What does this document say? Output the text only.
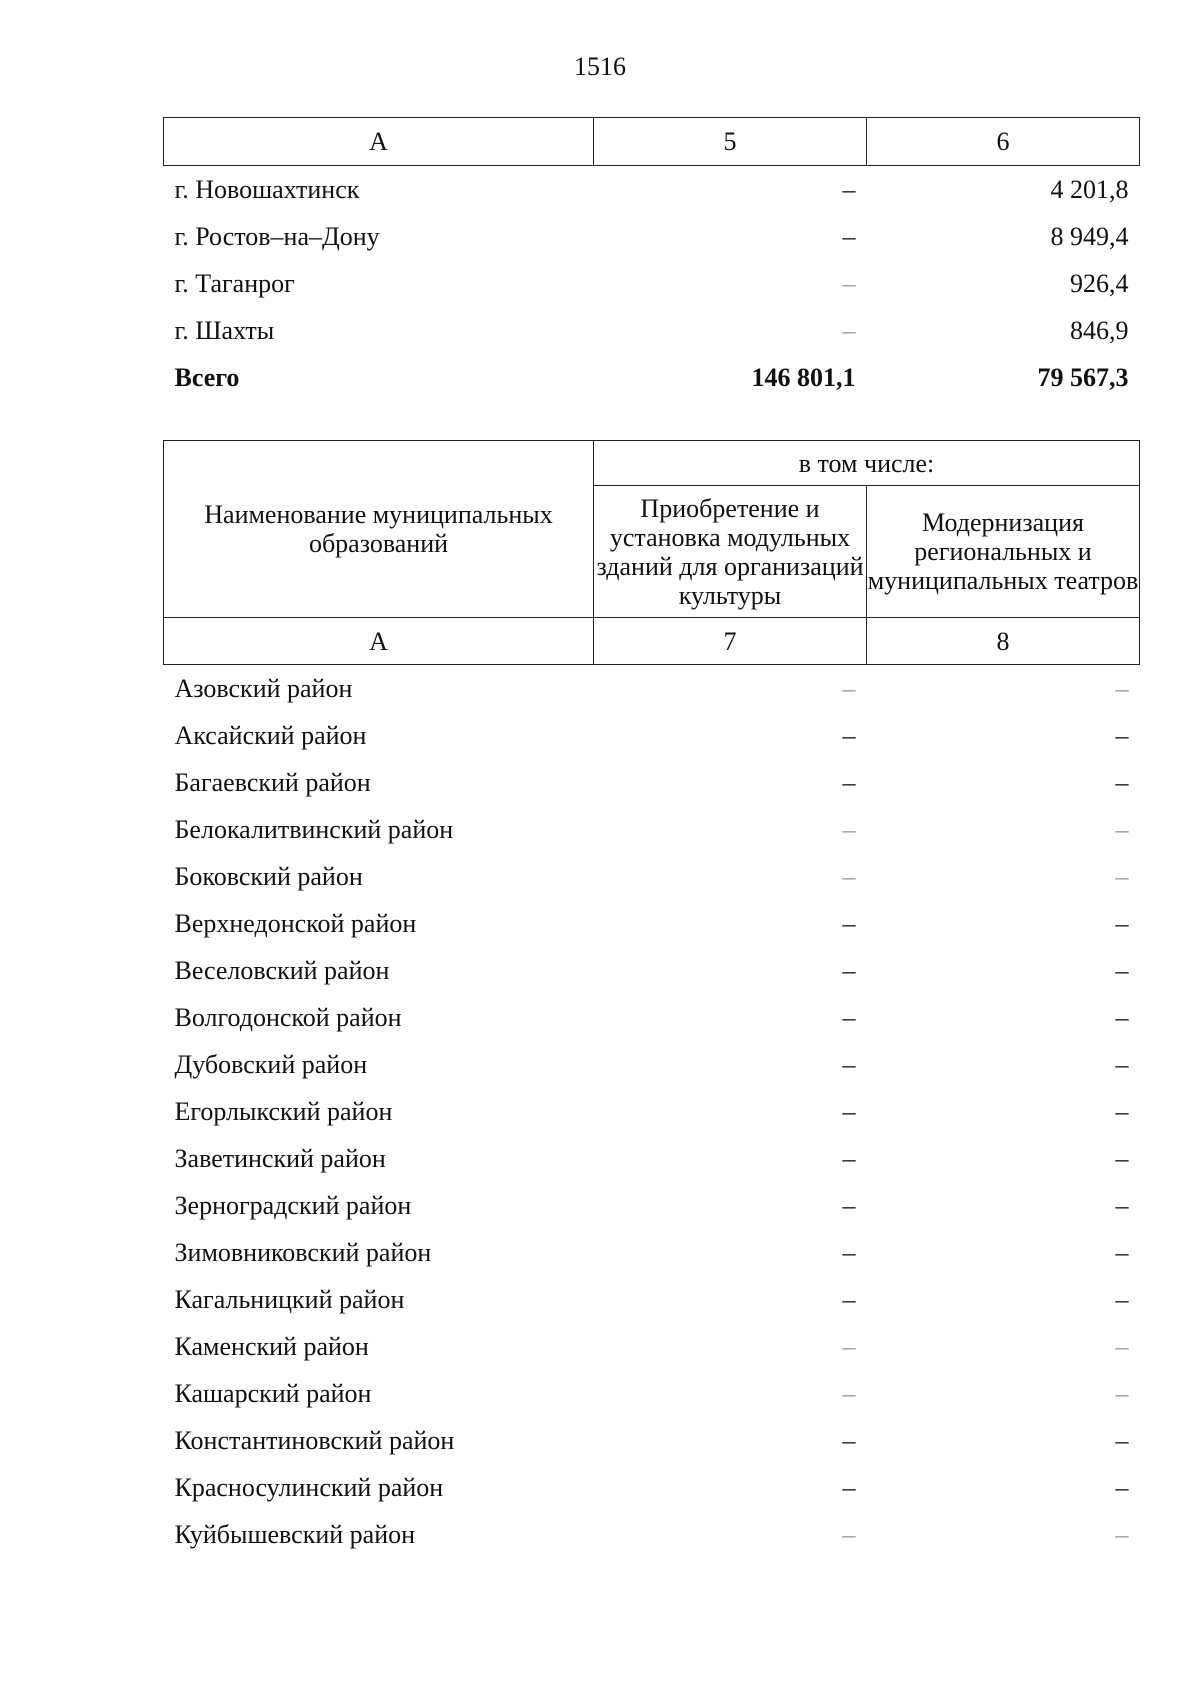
1516
А	5	6
г. Новошахтинск	–	4 201,8
г. Ростов–на–Дону	–	8 949,4
г. Таганрог	–	926,4
г. Шахты	–	846,9
Всего	146 801,1	79 567,3
Наименование муниципальных образований	в том числе:	
	Приобретение и установка модульных зданий для организаций культуры	Модернизация региональных и муниципальных театров
А	7	8
Азовский район	–	–
Аксайский район	–	–
Багаевский район	–	–
Белокалитвинский район	–	–
Боковский район	–	–
Верхнедонской район	–	–
Веселовский район	–	–
Волгодонской район	–	–
Дубовский район	–	–
Егорлыкский район	–	–
Заветинский район	–	–
Зерноградский район	–	–
Зимовниковский район	–	–
Кагальницкий район	–	–
Каменский район	–	–
Кашарский район	–	–
Константиновский район	–	–
Красносулинский район	–	–
Куйбышевский район	–	–
